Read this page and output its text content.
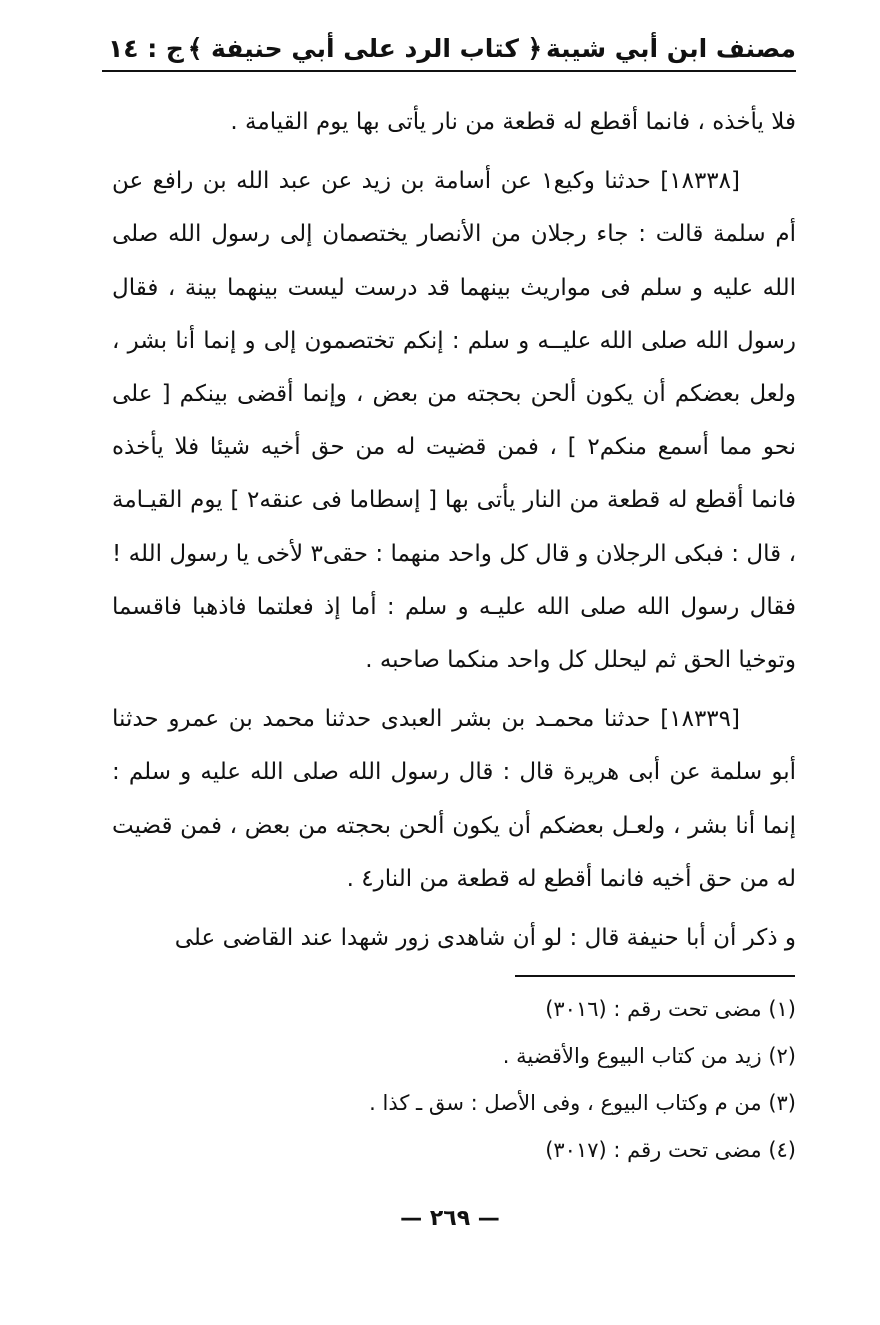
مصنف ابن أبي شيبة
﴿ كتاب الرد على أبي حنيفة ﴾
ج : ١٤

فلا يأخذه ، فانما أقطع له قطعة من نار يأتى بها يوم القيامة .

[١٨٣٣٨] حدثنا وكيع١ عن أسامة بن زيد عن عبد الله بن رافع عن أم سلمة قالت : جاء رجلان من الأنصار يختصمان إلى رسول الله صلى الله عليه و سلم فى مواريث بينهما قد درست ليست بينهما بينة ، فقال رسول الله صلى الله عليــه و سلم : إنكم تختصمون إلى و إنما أنا بشر ، ولعل بعضكم أن يكون ألحن بحجته من بعض ، وإنما أقضى بينكم [ على نحو مما أسمع منكم٢ ] ، فمن قضيت له من حق أخيه شيئا فلا يأخذه فانما أقطع له قطعة من النار يأتى بها [ إسطاما فى عنقه٢ ] يوم القيـامة ، قال : فبكى الرجلان و قال كل واحد منهما : حقى٣ لأخى يا رسول الله ! فقال رسول الله صلى الله عليـه و سلم : أما إذ فعلتما فاذهبا فاقسما وتوخيا الحق ثم ليحلل كل واحد منكما صاحبه .

[١٨٣٣٩] حدثنا محمـد بن بشر العبدى حدثنا محمد بن عمرو حدثنا أبو سلمة عن أبى هريرة قال : قال رسول الله صلى الله عليه و سلم : إنما أنا بشر ، ولعـل بعضكم أن يكون ألحن بحجته من بعض ، فمن قضيت له من حق أخيه فانما أقطع له قطعة من النار٤ .

و ذكر أن أبا حنيفة قال : لو أن شاهدى زور شهدا عند القاضى على

(١) مضى تحت رقم : (٣٠١٦)
(٢) زيد من كتاب البيوع والأقضية .
(٣) من م وكتاب البيوع ، وفى الأصل : سق ـ كذا .
(٤) مضى تحت رقم : (٣٠١٧)
— ٢٦٩ —
